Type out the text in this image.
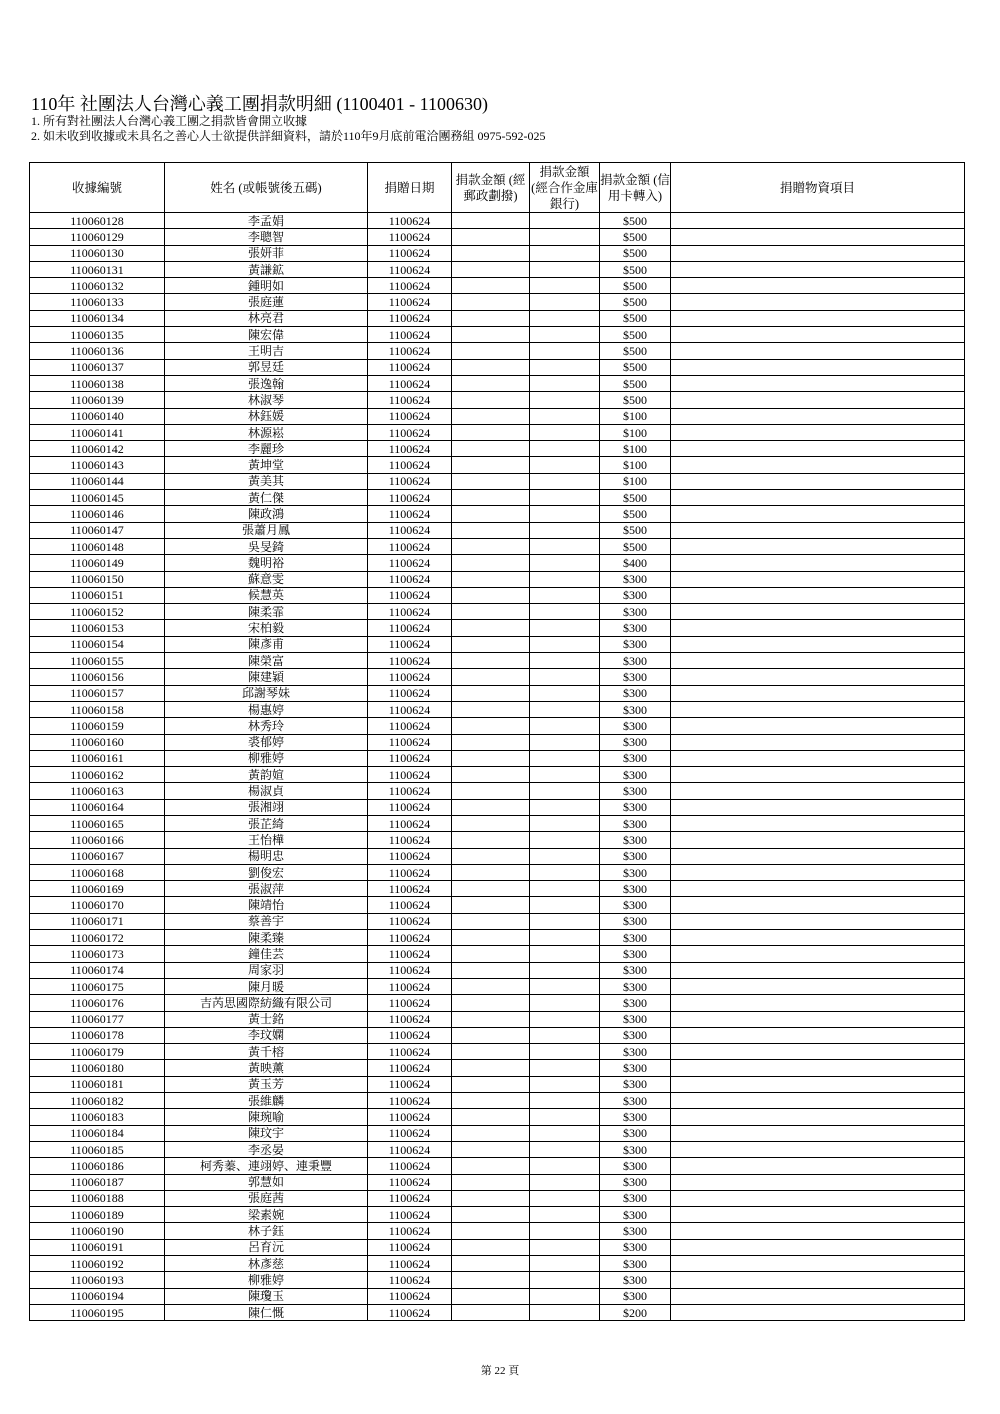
110年 社團法人台灣心義工團捐款明細 (1100401 - 1100630)

1. 所有對社團法人台灣心義工團之捐款皆會開立收據

2. 如未收到收據或未具名之善心人士欲提供詳細資料，請於110年9月底前電洽團務組 0975-592-025

收據編號	姓名 (或帳號後五碼)	捐贈日期	捐款金額 (經郵政劃撥)	捐款金額 (經合作金庫銀行)	捐款金額 (信用卡轉入)	捐贈物資項目
110060128	李孟娟	1100624			$500	
110060129	李聰智	1100624			$500	
110060130	張妍菲	1100624			$500	
110060131	黃謙鉱	1100624			$500	
110060132	鍾明如	1100624			$500	
110060133	張庭蓮	1100624			$500	
110060134	林亮君	1100624			$500	
110060135	陳宏偉	1100624			$500	
110060136	王明吉	1100624			$500	
110060137	郭昱廷	1100624			$500	
110060138	張逸翰	1100624			$500	
110060139	林淑琴	1100624			$500	
110060140	林鈺媛	1100624			$100	
110060141	林源崧	1100624			$100	
110060142	李麗珍	1100624			$100	
110060143	黃坤堂	1100624			$100	
110060144	黃美其	1100624			$100	
110060145	黃仁傑	1100624			$500	
110060146	陳政鴻	1100624			$500	
110060147	張蕭月鳳	1100624			$500	
110060148	吳旻錡	1100624			$500	
110060149	魏明裕	1100624			$400	
110060150	蘇意雯	1100624			$300	
110060151	候慧英	1100624			$300	
110060152	陳柔霏	1100624			$300	
110060153	宋柏毅	1100624			$300	
110060154	陳彥甫	1100624			$300	
110060155	陳榮富	1100624			$300	
110060156	陳建穎	1100624			$300	
110060157	邱謝琴妹	1100624			$300	
110060158	楊惠婷	1100624			$300	
110060159	林秀玲	1100624			$300	
110060160	裘郁婷	1100624			$300	
110060161	柳雅婷	1100624			$300	
110060162	黃韵媗	1100624			$300	
110060163	楊淑貞	1100624			$300	
110060164	張湘翊	1100624			$300	
110060165	張芷綺	1100624			$300	
110060166	王怡樺	1100624			$300	
110060167	楊明忠	1100624			$300	
110060168	劉俊宏	1100624			$300	
110060169	張淑萍	1100624			$300	
110060170	陳靖怡	1100624			$300	
110060171	蔡善宇	1100624			$300	
110060172	陳柔臻	1100624			$300	
110060173	鐘佳芸	1100624			$300	
110060174	周家羽	1100624			$300	
110060175	陳月暖	1100624			$300	
110060176	吉芮思國際紡織有限公司	1100624			$300	
110060177	黃士銘	1100624			$300	
110060178	李玟嫻	1100624			$300	
110060179	黃千榕	1100624			$300	
110060180	黃映薰	1100624			$300	
110060181	黃玉芳	1100624			$300	
110060182	張維麟	1100624			$300	
110060183	陳琬喻	1100624			$300	
110060184	陳玟宇	1100624			$300	
110060185	李丞晏	1100624			$300	
110060186	柯秀蓁、連翊婷、連秉豐	1100624			$300	
110060187	郭慧如	1100624			$300	
110060188	張庭茜	1100624			$300	
110060189	梁素婉	1100624			$300	
110060190	林子鈺	1100624			$300	
110060191	呂育沅	1100624			$300	
110060192	林彥慈	1100624			$300	
110060193	柳雅婷	1100624			$300	
110060194	陳瓊玉	1100624			$300	
110060195	陳仁慨	1100624			$200	
第 22 頁
